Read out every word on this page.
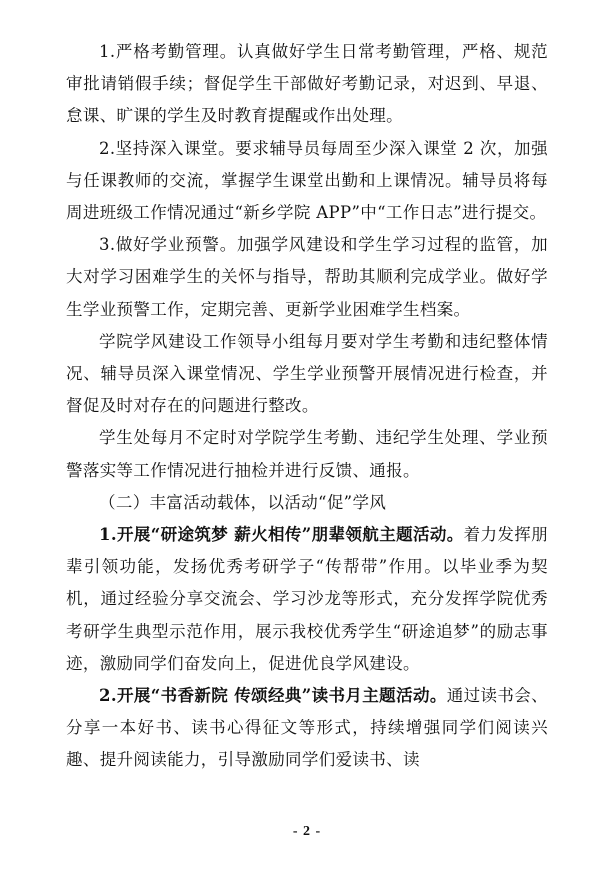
1.严格考勤管理。认真做好学生日常考勤管理，严格、规范审批请销假手续；督促学生干部做好考勤记录，对迟到、早退、怠课、旷课的学生及时教育提醒或作出处理。

2.坚持深入课堂。要求辅导员每周至少深入课堂 2 次，加强与任课教师的交流，掌握学生课堂出勤和上课情况。辅导员将每周进班级工作情况通过“新乡学院 APP”中“工作日志”进行提交。

3.做好学业预警。加强学风建设和学生学习过程的监管，加大对学习困难学生的关怀与指导，帮助其顺利完成学业。做好学生学业预警工作，定期完善、更新学业困难学生档案。

学院学风建设工作领导小组每月要对学生考勤和违纪整体情况、辅导员深入课堂情况、学生学业预警开展情况进行检查，并督促及时对存在的问题进行整改。

学生处每月不定时对学院学生考勤、违纪学生处理、学业预警落实等工作情况进行抽检并进行反馈、通报。

（二）丰富活动载体，以活动“促”学风

1.开展“研途筑梦 薪火相传”朋辈领航主题活动。着力发挥朋辈引领功能，发扬优秀考研学子“传帮带”作用。以毕业季为契机，通过经验分享交流会、学习沙龙等形式，充分发挥学院优秀考研学生典型示范作用，展示我校优秀学生“研途追梦”的励志事迹，激励同学们奋发向上，促进优良学风建设。

2.开展“书香新院 传颂经典”读书月主题活动。通过读书会、分享一本好书、读书心得征文等形式，持续增强同学们阅读兴趣、提升阅读能力，引导激励同学们爱读书、读

- 2 -
